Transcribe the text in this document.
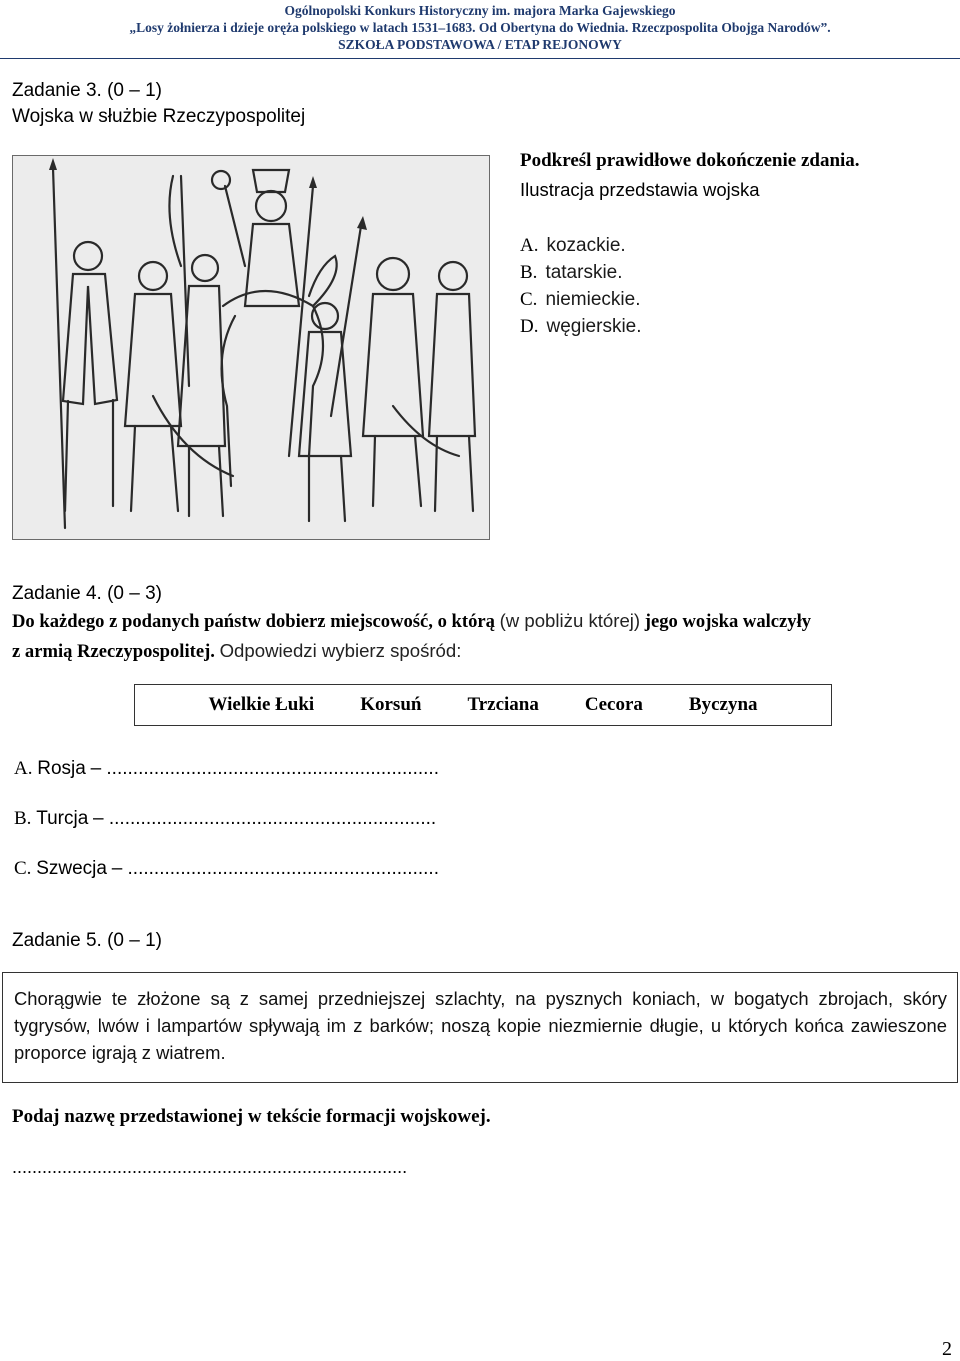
Ogólnopolski Konkurs Historyczny im. majora Marka Gajewskiego
„Losy żołnierza i dzieje oręża polskiego w latach 1531–1683. Od Obertyna do Wiednia. Rzeczpospolita Obojga Narodów”.
SZKOŁA PODSTAWOWA / ETAP REJONOWY
Zadanie 3. (0 – 1)
Wojska w służbie Rzeczypospolitej
Podkreśl prawidłowe dokończenie zdania.
Ilustracja przedstawia wojska
A. kozackie.
B. tatarskie.
C. niemieckie.
D. węgierskie.
Zadanie 4. (0 – 3)
Do każdego z podanych państw dobierz miejscowość, o którą (w pobliżu której) jego wojska walczyły
z armią Rzeczypospolitej. Odpowiedzi wybierz spośród:
Wielkie Łuki Korsuń Trzciana Cecora Byczyna
A. Rosja – ...............................................................
B. Turcja – ..............................................................
C. Szwecja – ...........................................................
Zadanie 5. (0 – 1)
Chorągwie te złożone są z samej przedniejszej szlachty, na pysznych koniach, w bogatych zbrojach, skóry tygrysów, lwów i lampartów spływają im z barków; noszą kopie niezmiernie długie, u których końca zawieszone proporce igrają z wiatrem.
Podaj nazwę przedstawionej w tekście formacji wojskowej.
...............................................................................
2
